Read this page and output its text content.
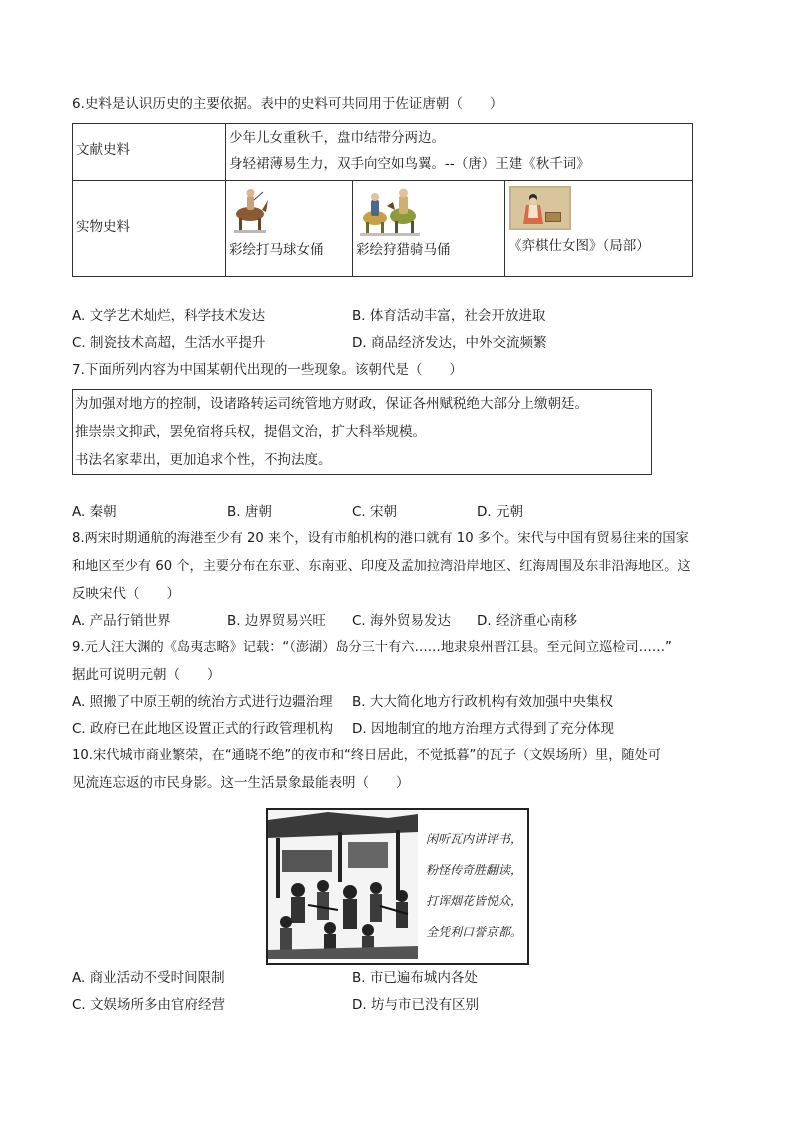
6.史料是认识历史的主要依据。表中的史料可共同用于佐证唐朝（　　）
文献史料	少年儿女重秋千，盘巾结带分两边。
身轻裙薄易生力，双手向空如鸟翼。--（唐）王建《秋千词》		

实物史料	彩绘打马球女俑	彩绘狩猎骑马俑	《弈棋仕女图》（局部）
A. 文学艺术灿烂，科学技术发达	B. 体育活动丰富，社会开放进取
C. 制瓷技术高超，生活水平提升	D. 商品经济发达，中外交流频繁
7.下面所列内容为中国某朝代出现的一些现象。该朝代是（　　）
为加强对地方的控制，设诸路转运司统管地方财政，保证各州赋税绝大部分上缴朝廷。
推崇崇文抑武，罢免宿将兵权，提倡文治，扩大科举规模。
书法名家辈出，更加追求个性，不拘法度。
A. 秦朝	B. 唐朝	C. 宋朝	D. 元朝
8.两宋时期通航的海港至少有 20 来个，设有市舶机构的港口就有 10 多个。宋代与中国有贸易往来的国家
和地区至少有 60 个，主要分布在东亚、东南亚、印度及孟加拉湾沿岸地区、红海周围及东非沿海地区。这
反映宋代（　　）
A. 产品行销世界	B. 边界贸易兴旺 C. 海外贸易发达 D. 经济重心南移
9.元人汪大渊的《岛夷志略》记载：“（澎湖）岛分三十有六……地隶泉州晋江县。至元间立巡检司……”
据此可说明元朝（　　）
A. 照搬了中原王朝的统治方式进行边疆治理 B. 大大简化地方行政机构有效加强中央集权
C. 政府已在此地区设置正式的行政管理机构 D. 因地制宜的地方治理方式得到了充分体现
10.宋代城市商业繁荣，在“通晓不绝”的夜市和“终日居此，不觉抵暮”的瓦子（文娱场所）里，随处可
见流连忘返的市民身影。这一生活景象最能表明（　　）
闲听瓦内讲评书，
粉怪传奇胜翻读，
打诨烟花皆悦众，
全凭利口誉京都。
A. 商业活动不受时间限制	B. 市已遍布城内各处
C. 文娱场所多由官府经营	D. 坊与市已没有区别
